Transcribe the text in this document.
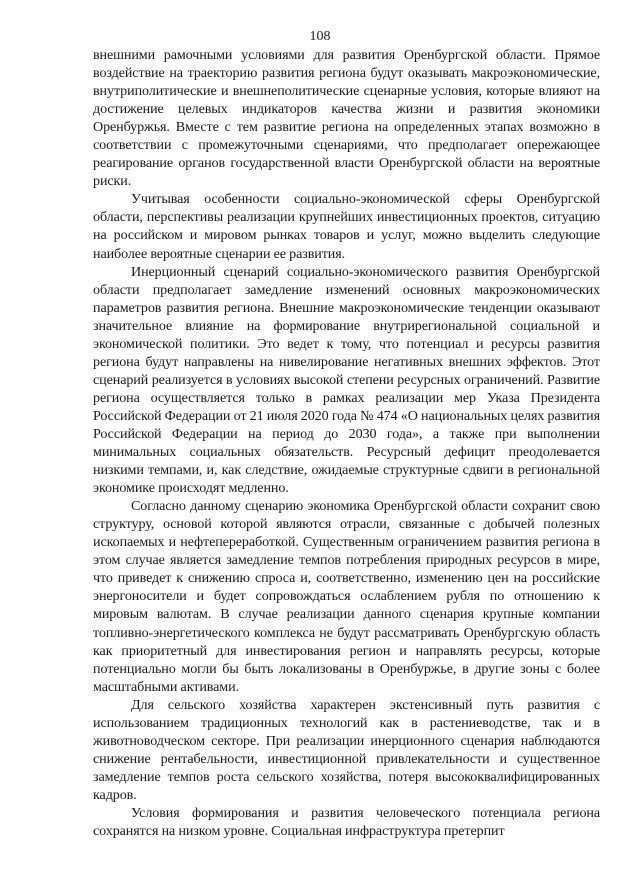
108

внешними рамочными условиями для развития Оренбургской области. Прямое воздействие на траекторию развития региона будут оказывать макроэкономические, внутриполитические и внешнеполитические сценарные условия, которые влияют на достижение целевых индикаторов качества жизни и развития экономики Оренбуржья. Вместе с тем развитие региона на определенных этапах возможно в соответствии с промежуточными сценариями, что предполагает опережающее реагирование органов государственной власти Оренбургской области на вероятные риски.

Учитывая особенности социально-экономической сферы Оренбургской области, перспективы реализации крупнейших инвестиционных проектов, ситуацию на российском и мировом рынках товаров и услуг, можно выделить следующие наиболее вероятные сценарии ее развития.

Инерционный сценарий социально-экономического развития Оренбургской области предполагает замедление изменений основных макроэкономических параметров развития региона. Внешние макроэкономические тенденции оказывают значительное влияние на формирование внутрирегиональной социальной и экономической политики. Это ведет к тому, что потенциал и ресурсы развития региона будут направлены на нивелирование негативных внешних эффектов. Этот сценарий реализуется в условиях высокой степени ресурсных ограничений. Развитие региона осуществляется только в рамках реализации мер Указа Президента Российской Федерации от 21 июля 2020 года № 474 «О национальных целях развития Российской Федерации на период до 2030 года», а также при выполнении минимальных социальных обязательств. Ресурсный дефицит преодолевается низкими темпами, и, как следствие, ожидаемые структурные сдвиги в региональной экономике происходят медленно.

Согласно данному сценарию экономика Оренбургской области сохранит свою структуру, основой которой являются отрасли, связанные с добычей полезных ископаемых и нефтепереработкой. Существенным ограничением развития региона в этом случае является замедление темпов потребления природных ресурсов в мире, что приведет к снижению спроса и, соответственно, изменению цен на российские энергоносители и будет сопровождаться ослаблением рубля по отношению к мировым валютам. В случае реализации данного сценария крупные компании топливно-энергетического комплекса не будут рассматривать Оренбургскую область как приоритетный для инвестирования регион и направлять ресурсы, которые потенциально могли бы быть локализованы в Оренбуржье, в другие зоны с более масштабными активами.

Для сельского хозяйства характерен экстенсивный путь развития с использованием традиционных технологий как в растениеводстве, так и в животноводческом секторе. При реализации инерционного сценария наблюдаются снижение рентабельности, инвестиционной привлекательности и существенное замедление темпов роста сельского хозяйства, потеря высококвалифицированных кадров.

Условия формирования и развития человеческого потенциала региона сохранятся на низком уровне. Социальная инфраструктура претерпит
